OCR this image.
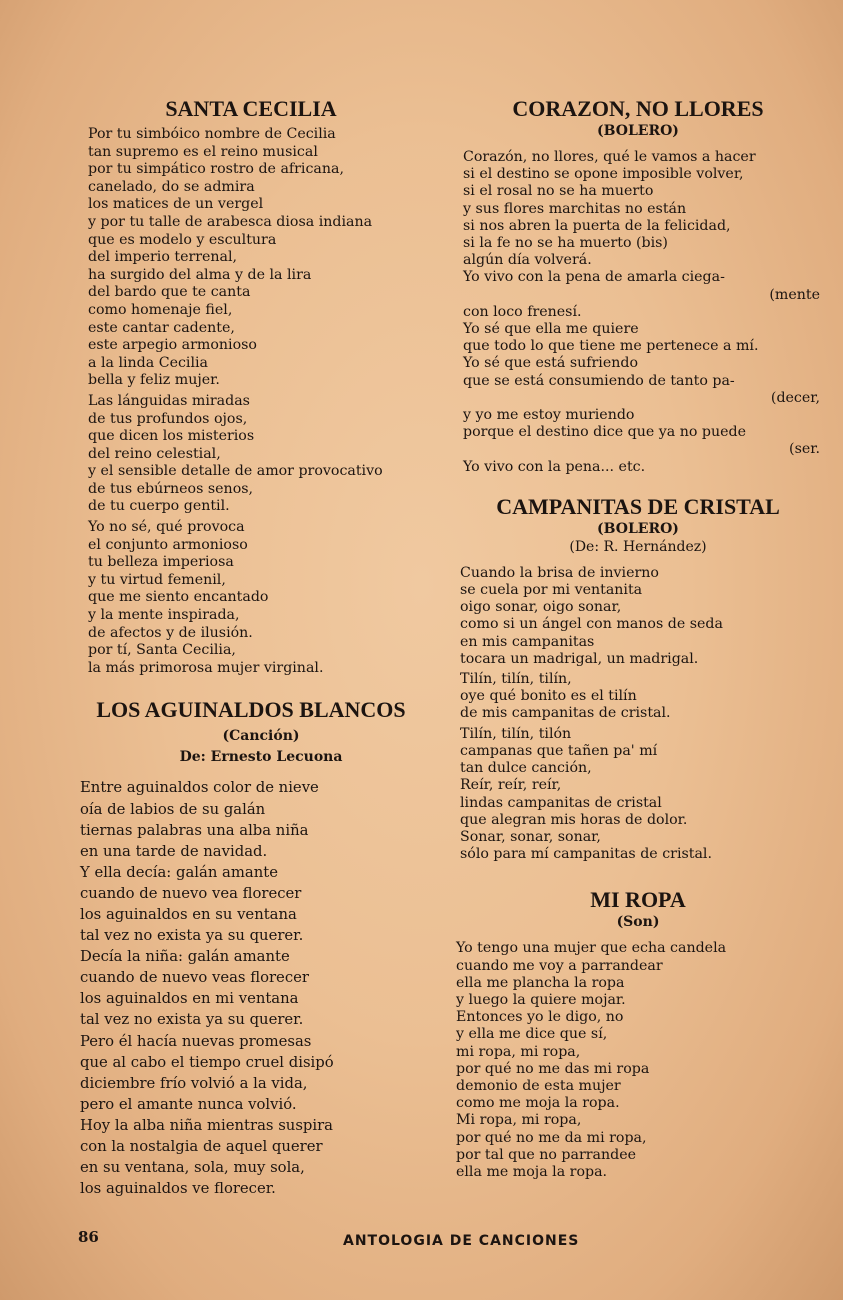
SANTA CECILIA
Por tu simbóico nombre de Cecilia
tan supremo es el reino musical
por tu simpático rostro de africana,
canelado, do se admira
los matices de un vergel
y por tu talle de arabesca diosa indiana
que es modelo y escultura
del imperio terrenal,
ha surgido del alma y de la lira
del bardo que te canta
como homenaje fiel,
este cantar cadente,
este arpegio armonioso
a la linda Cecilia
bella y feliz mujer.
Las lánguidas miradas
de tus profundos ojos,
que dicen los misterios
del reino celestial,
y el sensible detalle de amor provocativo
de tus ebúrneos senos,
de tu cuerpo gentil.
Yo no sé, qué provoca
el conjunto armonioso
tu belleza imperiosa
y tu virtud femenil,
que me siento encantado
y la mente inspirada,
de afectos y de ilusión.
por tí, Santa Cecilia,
la más primorosa mujer virginal.
LOS AGUINALDOS BLANCOS

(Canción)

De: Ernesto Lecuona

Entre aguinaldos color de nieve
oía de labios de su galán
tiernas palabras una alba niña
en una tarde de navidad.
Y ella decía: galán amante
cuando de nuevo vea florecer
los aguinaldos en su ventana
tal vez no exista ya su querer.
Decía la niña: galán amante
cuando de nuevo veas florecer
los aguinaldos en mi ventana
tal vez no exista ya su querer.
Pero él hacía nuevas promesas
que al cabo el tiempo cruel disipó
diciembre frío volvió a la vida,
pero el amante nunca volvió.
Hoy la alba niña mientras suspira
con la nostalgia de aquel querer
en su ventana, sola, muy sola,
los aguinaldos ve florecer.
CORAZON, NO LLORES

(BOLERO)

Corazón, no llores, qué le vamos a hacer
si el destino se opone imposible volver,
si el rosal no se ha muerto
y sus flores marchitas no están
si nos abren la puerta de la felicidad,
si la fe no se ha muerto (bis)
algún día volverá.
Yo vivo con la pena de amarla ciega-
(mente
con loco frenesí.
Yo sé que ella me quiere
que todo lo que tiene me pertenece a mí.
Yo sé que está sufriendo
que se está consumiendo de tanto pa-
(decer,
y yo me estoy muriendo
porque el destino dice que ya no puede
(ser.
Yo vivo con la pena... etc.
CAMPANITAS DE CRISTAL

(BOLERO)

(De: R. Hernández)

Cuando la brisa de invierno
se cuela por mi ventanita
oigo sonar, oigo sonar,
como si un ángel con manos de seda
en mis campanitas
tocara un madrigal, un madrigal.
Tilín, tilín, tilín,
oye qué bonito es el tilín
de mis campanitas de cristal.
Tilín, tilín, tilón
campanas que tañen pa' mí
tan dulce canción,
Reír, reír, reír,
lindas campanitas de cristal
que alegran mis horas de dolor.
Sonar, sonar, sonar,
sólo para mí campanitas de cristal.
MI ROPA

(Son)

Yo tengo una mujer que echa candela
cuando me voy a parrandear
ella me plancha la ropa
y luego la quiere mojar.
Entonces yo le digo, no
y ella me dice que sí,
mi ropa, mi ropa,
por qué no me das mi ropa
demonio de esta mujer
como me moja la ropa.
Mi ropa, mi ropa,
por qué no me da mi ropa,
por tal que no parrandee
ella me moja la ropa.
86	ANTOLOGIA DE CANCIONES
